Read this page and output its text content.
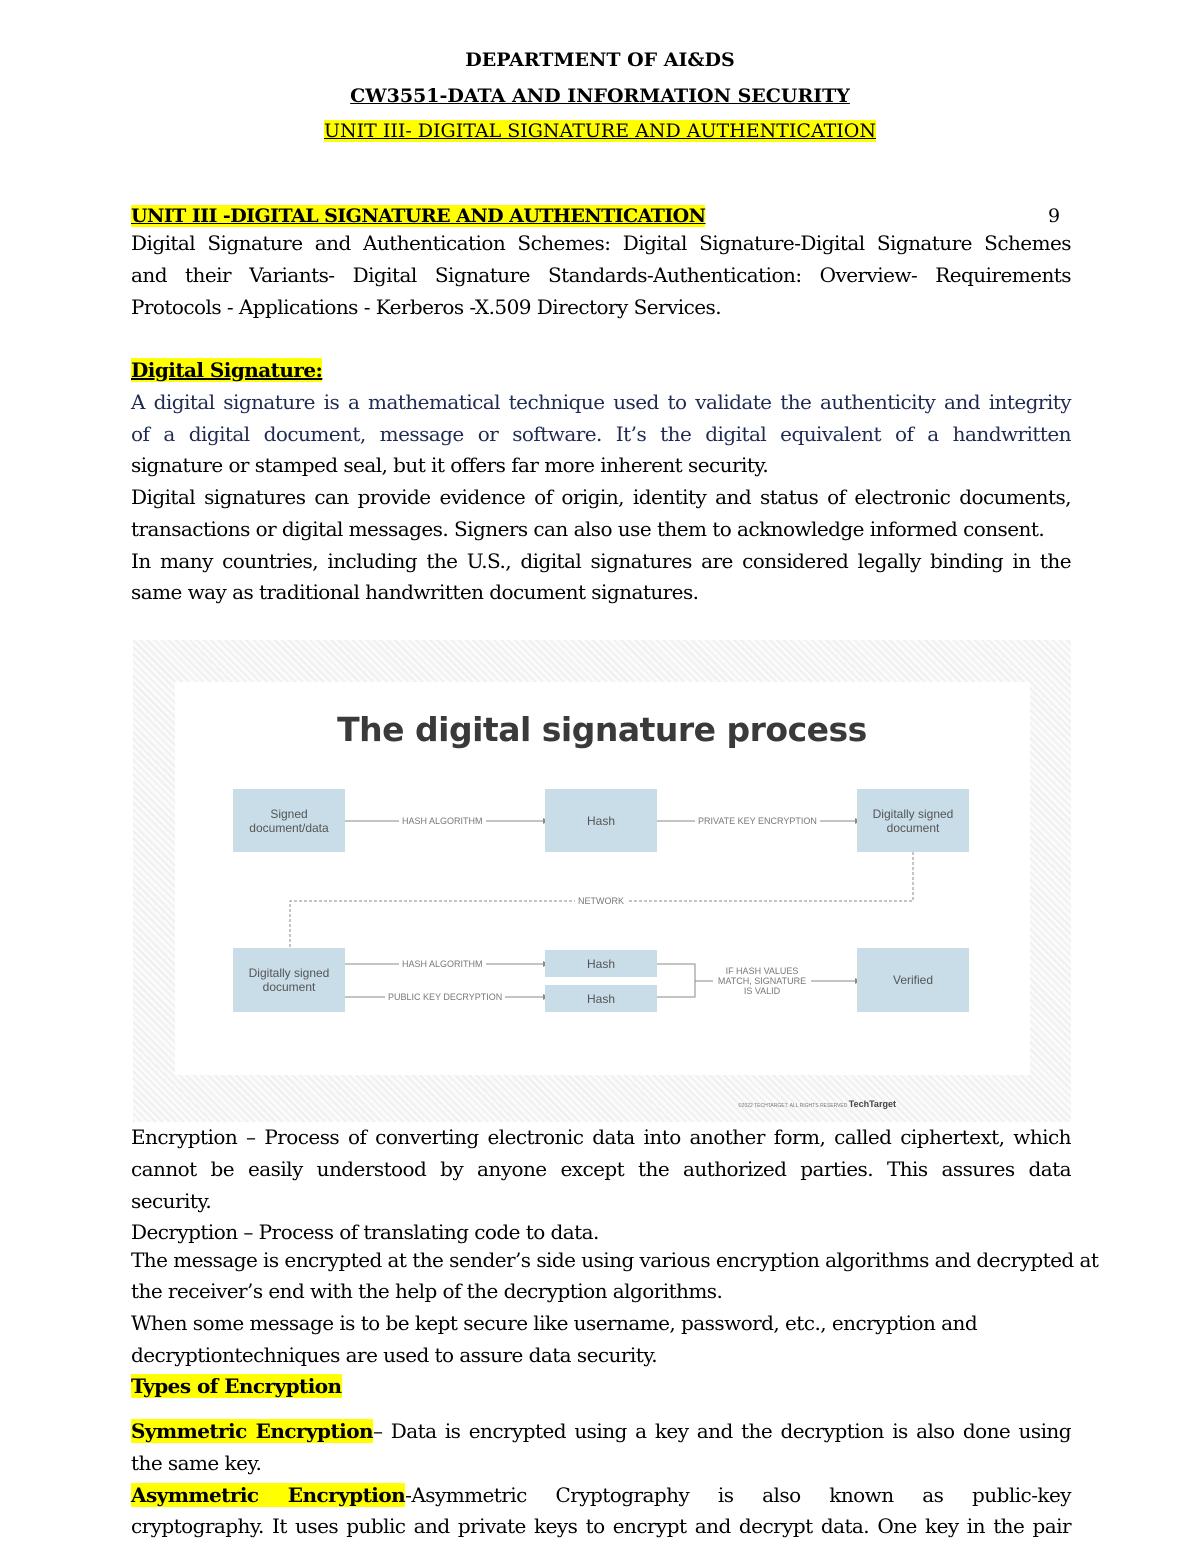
DEPARTMENT OF AI&DS
CW3551-DATA AND INFORMATION SECURITY
UNIT III- DIGITAL SIGNATURE AND AUTHENTICATION
UNIT III -DIGITAL SIGNATURE AND AUTHENTICATION	9
Digital Signature and Authentication Schemes: Digital Signature-Digital Signature Schemes
and their Variants- Digital Signature Standards-Authentication: Overview- Requirements
Protocols - Applications - Kerberos -X.509 Directory Services.
Digital Signature:
A digital signature is a mathematical technique used to validate the authenticity and integrity
of a digital document, message or software. It’s the digital equivalent of a handwritten
signature or stamped seal, but it offers far more inherent security.
Digital signatures can provide evidence of origin, identity and status of electronic documents,
transactions or digital messages. Signers can also use them to acknowledge informed consent.
In many countries, including the U.S., digital signatures are considered legally binding in the
same way as traditional handwritten document signatures.
The digital signature process
Signed document/data	Hash	Digitally signed document
Digitally signed document
Hash
Hash
Verified
HASH ALGORITHM	PRIVATE KEY ENCRYPTION
NETWORK
HASH ALGORITHM
PUBLIC KEY DECRYPTION
IF HASH VALUES MATCH, SIGNATURE IS VALID
©2022 TECHTARGET. ALL RIGHTS RESERVED TechTarget
Encryption – Process of converting electronic data into another form, called ciphertext, which
cannot be easily understood by anyone except the authorized parties. This assures data
security.
Decryption – Process of translating code to data.
The message is encrypted at the sender’s side using various encryption algorithms and decrypted at
the receiver’s end with the help of the decryption algorithms.
When some message is to be kept secure like username, password, etc., encryption and
decryptiontechniques are used to assure data security.
Types of Encryption
Symmetric Encryption– Data is encrypted using a key and the decryption is also done using
the same key.
Asymmetric Encryption-Asymmetric Cryptography is also known as public-key
cryptography. It uses public and private keys to encrypt and decrypt data. One key in the pair
